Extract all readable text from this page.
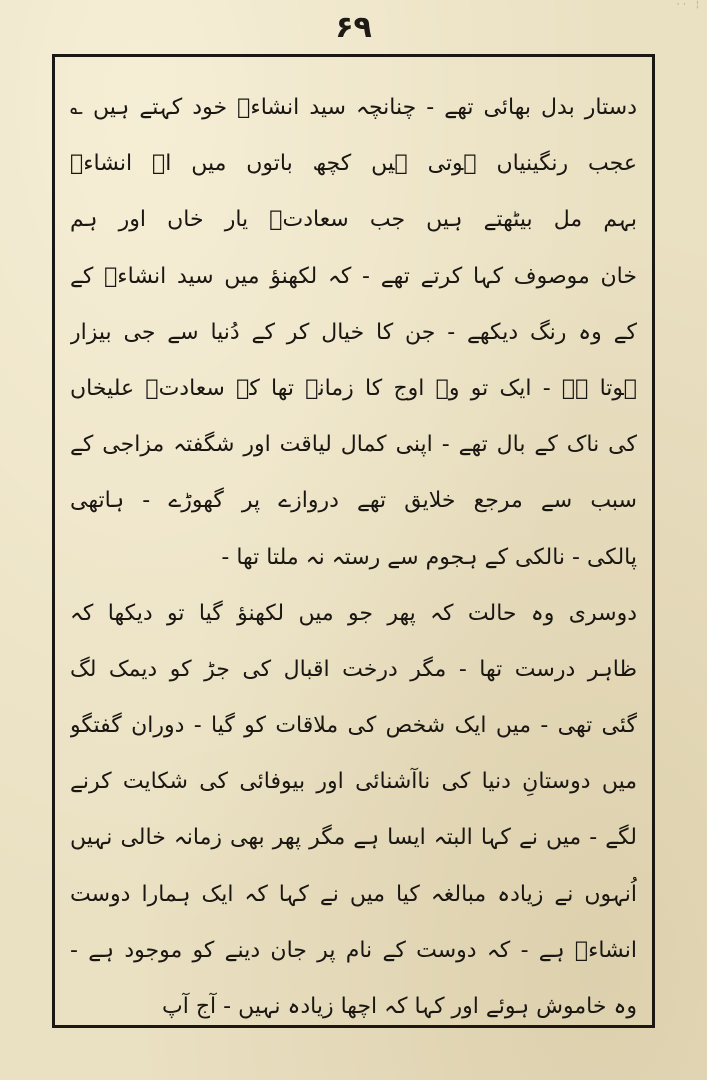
·· ¦
۶۹
دستار بدل بھائی تھے - چنانچہ سید انشاءؔ خود کہتے ہیں ؎
عجب رنگینیاں ہوتی ہیں کچھ باتوں میں اے انشاءؔ
بہم مل بیٹھتے ہیں جب سعادتؔ یار خاں اور ہم
خان موصوف کہا کرتے تھے - کہ لکھنؤ میں سید انشاءؔ کے
کے وہ رنگ دیکھے - جن کا خیال کر کے دُنیا سے جی بیزار
ہوتا ہے - ایک تو وہ اوج کا زمانہ تھا کہ سعادتؔ علیخاں
کی ناک کے بال تھے - اپنی کمال لیاقت اور شگفتہ مزاجی کے
سبب سے مرجع خلایق تھے دروازے پر گھوڑے - ہاتھی
پالکی - نالکی کے ہجوم سے رستہ نہ ملتا تھا -
دوسری وہ حالت کہ پھر جو میں لکھنؤ گیا تو دیکھا کہ
ظاہر درست تھا - مگر درخت اقبال کی جڑ کو دیمک لگ
گئی تھی - میں ایک شخص کی ملاقات کو گیا - دوران گفتگو
میں دوستانِ دنیا کی ناآشنائی اور بیوفائی کی شکایت کرنے
لگے - میں نے کہا البتہ ایسا ہے مگر پھر بھی زمانہ خالی نہیں
اُنہوں نے زیادہ مبالغہ کیا میں نے کہا کہ ایک ہمارا دوست
انشاءؔ ہے - کہ دوست کے نام پر جان دینے کو موجود ہے -
وہ خاموش ہوئے اور کہا کہ اچھا زیادہ نہیں - آج آپ
